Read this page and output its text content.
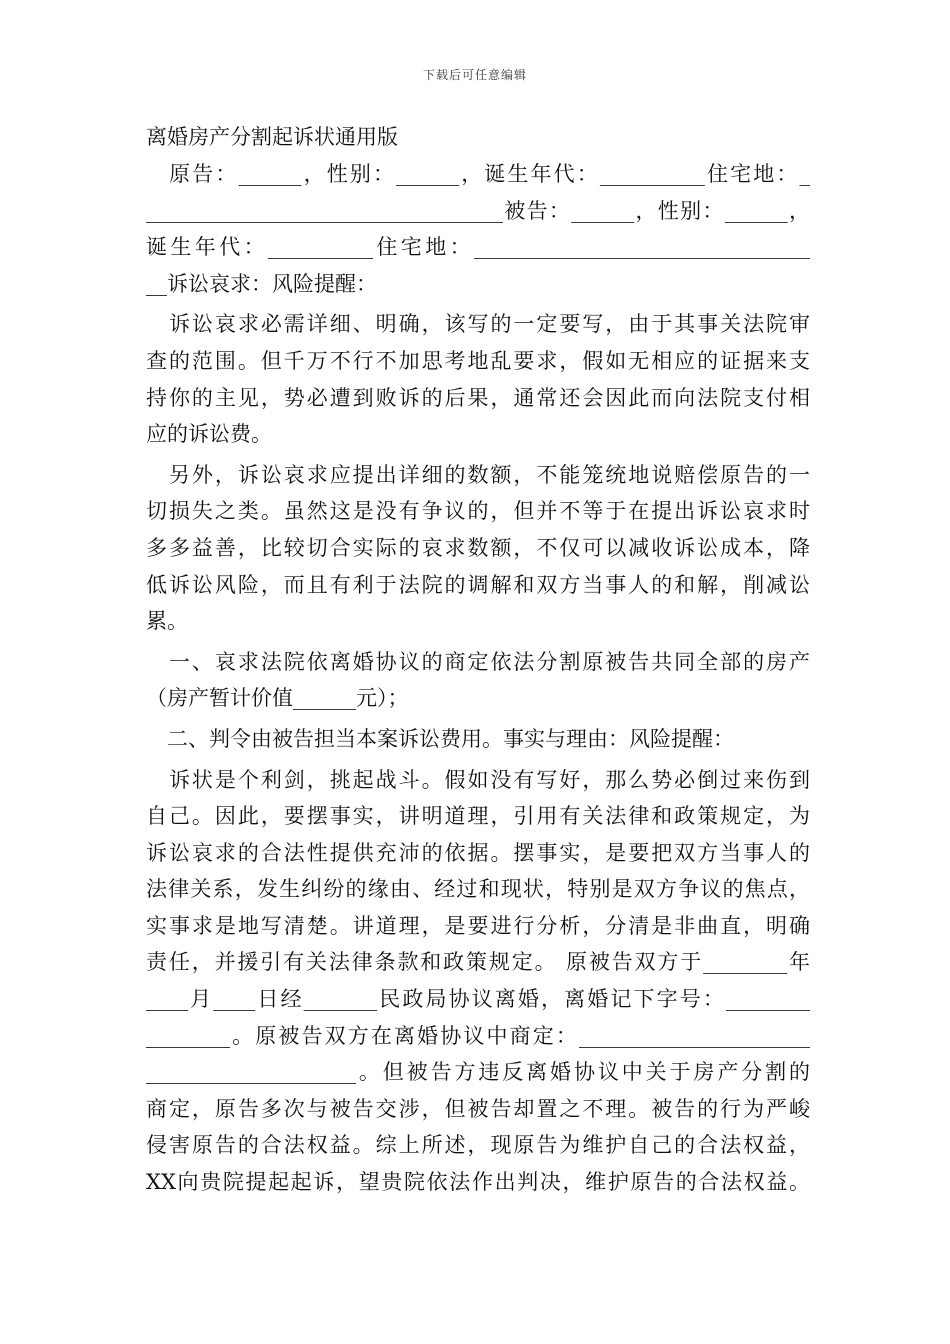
下载后可任意编辑
离婚房产分割起诉状通用版
　原告：______，性别：______，诞生年代：__________住宅地：_
__________________________________被告：______，性别：______，
诞生年代：__________住宅地：________________________________
__诉讼哀求：风险提醒：
　诉讼哀求必需详细、明确，该写的一定要写，由于其事关法院审
查的范围。但千万不行不加思考地乱要求，假如无相应的证据来支
持你的主见，势必遭到败诉的后果，通常还会因此而向法院支付相
应的诉讼费。
　另外，诉讼哀求应提出详细的数额，不能笼统地说赔偿原告的一
切损失之类。虽然这是没有争议的，但并不等于在提出诉讼哀求时
多多益善，比较切合实际的哀求数额，不仅可以减收诉讼成本，降
低诉讼风险，而且有利于法院的调解和双方当事人的和解，削减讼
累。
　一、哀求法院依离婚协议的商定依法分割原被告共同全部的房产
（房产暂计价值______元）；
　二、判令由被告担当本案诉讼费用。事实与理由：风险提醒：
　诉状是个利剑，挑起战斗。假如没有写好，那么势必倒过来伤到
自己。因此，要摆事实，讲明道理，引用有关法律和政策规定，为
诉讼哀求的合法性提供充沛的依据。摆事实，是要把双方当事人的
法律关系，发生纠纷的缘由、经过和现状，特别是双方争议的焦点，
实事求是地写清楚。讲道理，是要进行分析，分清是非曲直，明确
责任，并援引有关法律条款和政策规定。 原被告双方于________年
____月____日经_______民政局协议离婚，离婚记下字号：________
________。原被告双方在离婚协议中商定：______________________
____________________。但被告方违反离婚协议中关于房产分割的
商定，原告多次与被告交涉，但被告却置之不理。被告的行为严峻
侵害原告的合法权益。综上所述，现原告为维护自己的合法权益，
XX向贵院提起起诉，望贵院依法作出判决，维护原告的合法权益。
